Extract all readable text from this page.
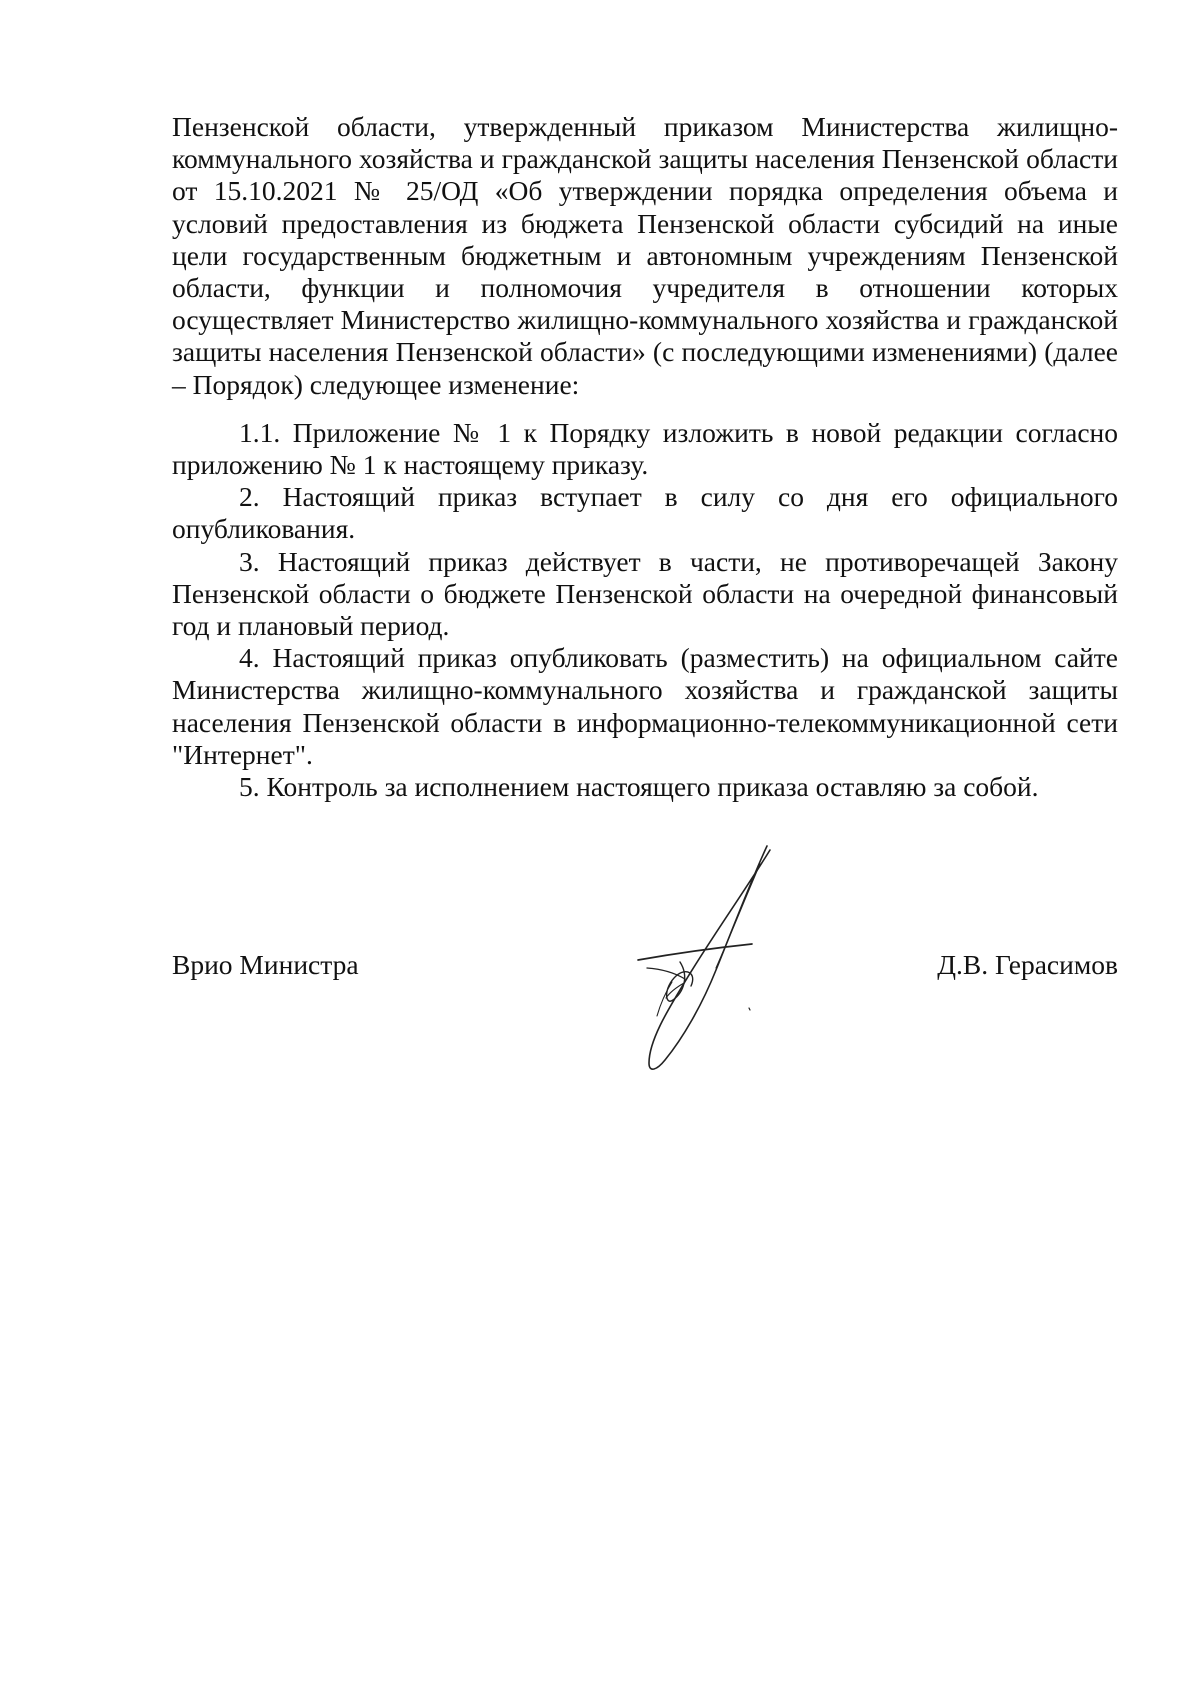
Пензенской области, утвержденный приказом Министерства жилищно-коммунального хозяйства и гражданской защиты населения Пензенской области от 15.10.2021 № 25/ОД «Об утверждении порядка определения объема и условий предоставления из бюджета Пензенской области субсидий на иные цели государственным бюджетным и автономным учреждениям Пензенской области, функции и полномочия учредителя в отношении которых осуществляет Министерство жилищно-коммунального хозяйства и гражданской защиты населения Пензенской области» (с последующими изменениями) (далее – Порядок) следующее изменение:

1.1. Приложение № 1 к Порядку изложить в новой редакции согласно приложению № 1 к настоящему приказу.

2. Настоящий приказ вступает в силу со дня его официального опубликования.

3. Настоящий приказ действует в части, не противоречащей Закону Пензенской области о бюджете Пензенской области на очередной финансовый год и плановый период.

4. Настоящий приказ опубликовать (разместить) на официальном сайте Министерства жилищно-коммунального хозяйства и гражданской защиты населения Пензенской области в информационно-телекоммуникационной сети "Интернет".

5. Контроль за исполнением настоящего приказа оставляю за собой.

Врио Министра	Д.В. Герасимов
